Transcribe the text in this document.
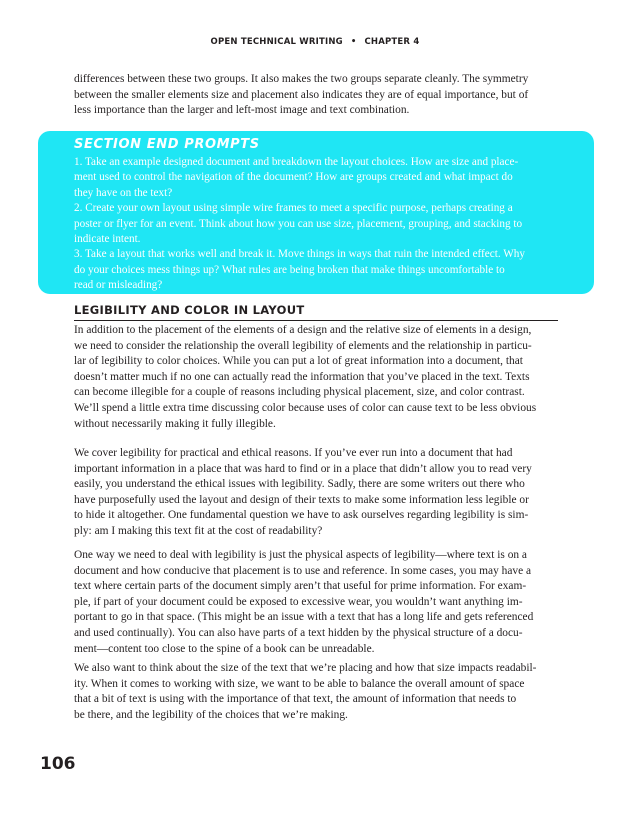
OPEN TECHNICAL WRITING • CHAPTER 4
differences between these two groups. It also makes the two groups separate cleanly. The symmetry
between the smaller elements size and placement also indicates they are of equal importance, but of
less importance than the larger and left-most image and text combination.
SECTION END PROMPTS
1. Take an example designed document and breakdown the layout choices. How are size and place-
ment used to control the navigation of the document? How are groups created and what impact do
they have on the text?
2. Create your own layout using simple wire frames to meet a specific purpose, perhaps creating a
poster or flyer for an event. Think about how you can use size, placement, grouping, and stacking to
indicate intent.
3. Take a layout that works well and break it. Move things in ways that ruin the intended effect. Why
do your choices mess things up? What rules are being broken that make things uncomfortable to
read or misleading?
LEGIBILITY AND COLOR IN LAYOUT
In addition to the placement of the elements of a design and the relative size of elements in a design,
we need to consider the relationship the overall legibility of elements and the relationship in particu-
lar of legibility to color choices. While you can put a lot of great information into a document, that
doesn’t matter much if no one can actually read the information that you’ve placed in the text. Texts
can become illegible for a couple of reasons including physical placement, size, and color contrast.
We’ll spend a little extra time discussing color because uses of color can cause text to be less obvious
without necessarily making it fully illegible.
We cover legibility for practical and ethical reasons. If you’ve ever run into a document that had
important information in a place that was hard to find or in a place that didn’t allow you to read very
easily, you understand the ethical issues with legibility. Sadly, there are some writers out there who
have purposefully used the layout and design of their texts to make some information less legible or
to hide it altogether. One fundamental question we have to ask ourselves regarding legibility is sim-
ply: am I making this text fit at the cost of readability?
One way we need to deal with legibility is just the physical aspects of legibility—where text is on a
document and how conducive that placement is to use and reference. In some cases, you may have a
text where certain parts of the document simply aren’t that useful for prime information. For exam-
ple, if part of your document could be exposed to excessive wear, you wouldn’t want anything im-
portant to go in that space. (This might be an issue with a text that has a long life and gets referenced
and used continually). You can also have parts of a text hidden by the physical structure of a docu-
ment—content too close to the spine of a book can be unreadable.
We also want to think about the size of the text that we’re placing and how that size impacts readabil-
ity. When it comes to working with size, we want to be able to balance the overall amount of space
that a bit of text is using with the importance of that text, the amount of information that needs to
be there, and the legibility of the choices that we’re making.
106
